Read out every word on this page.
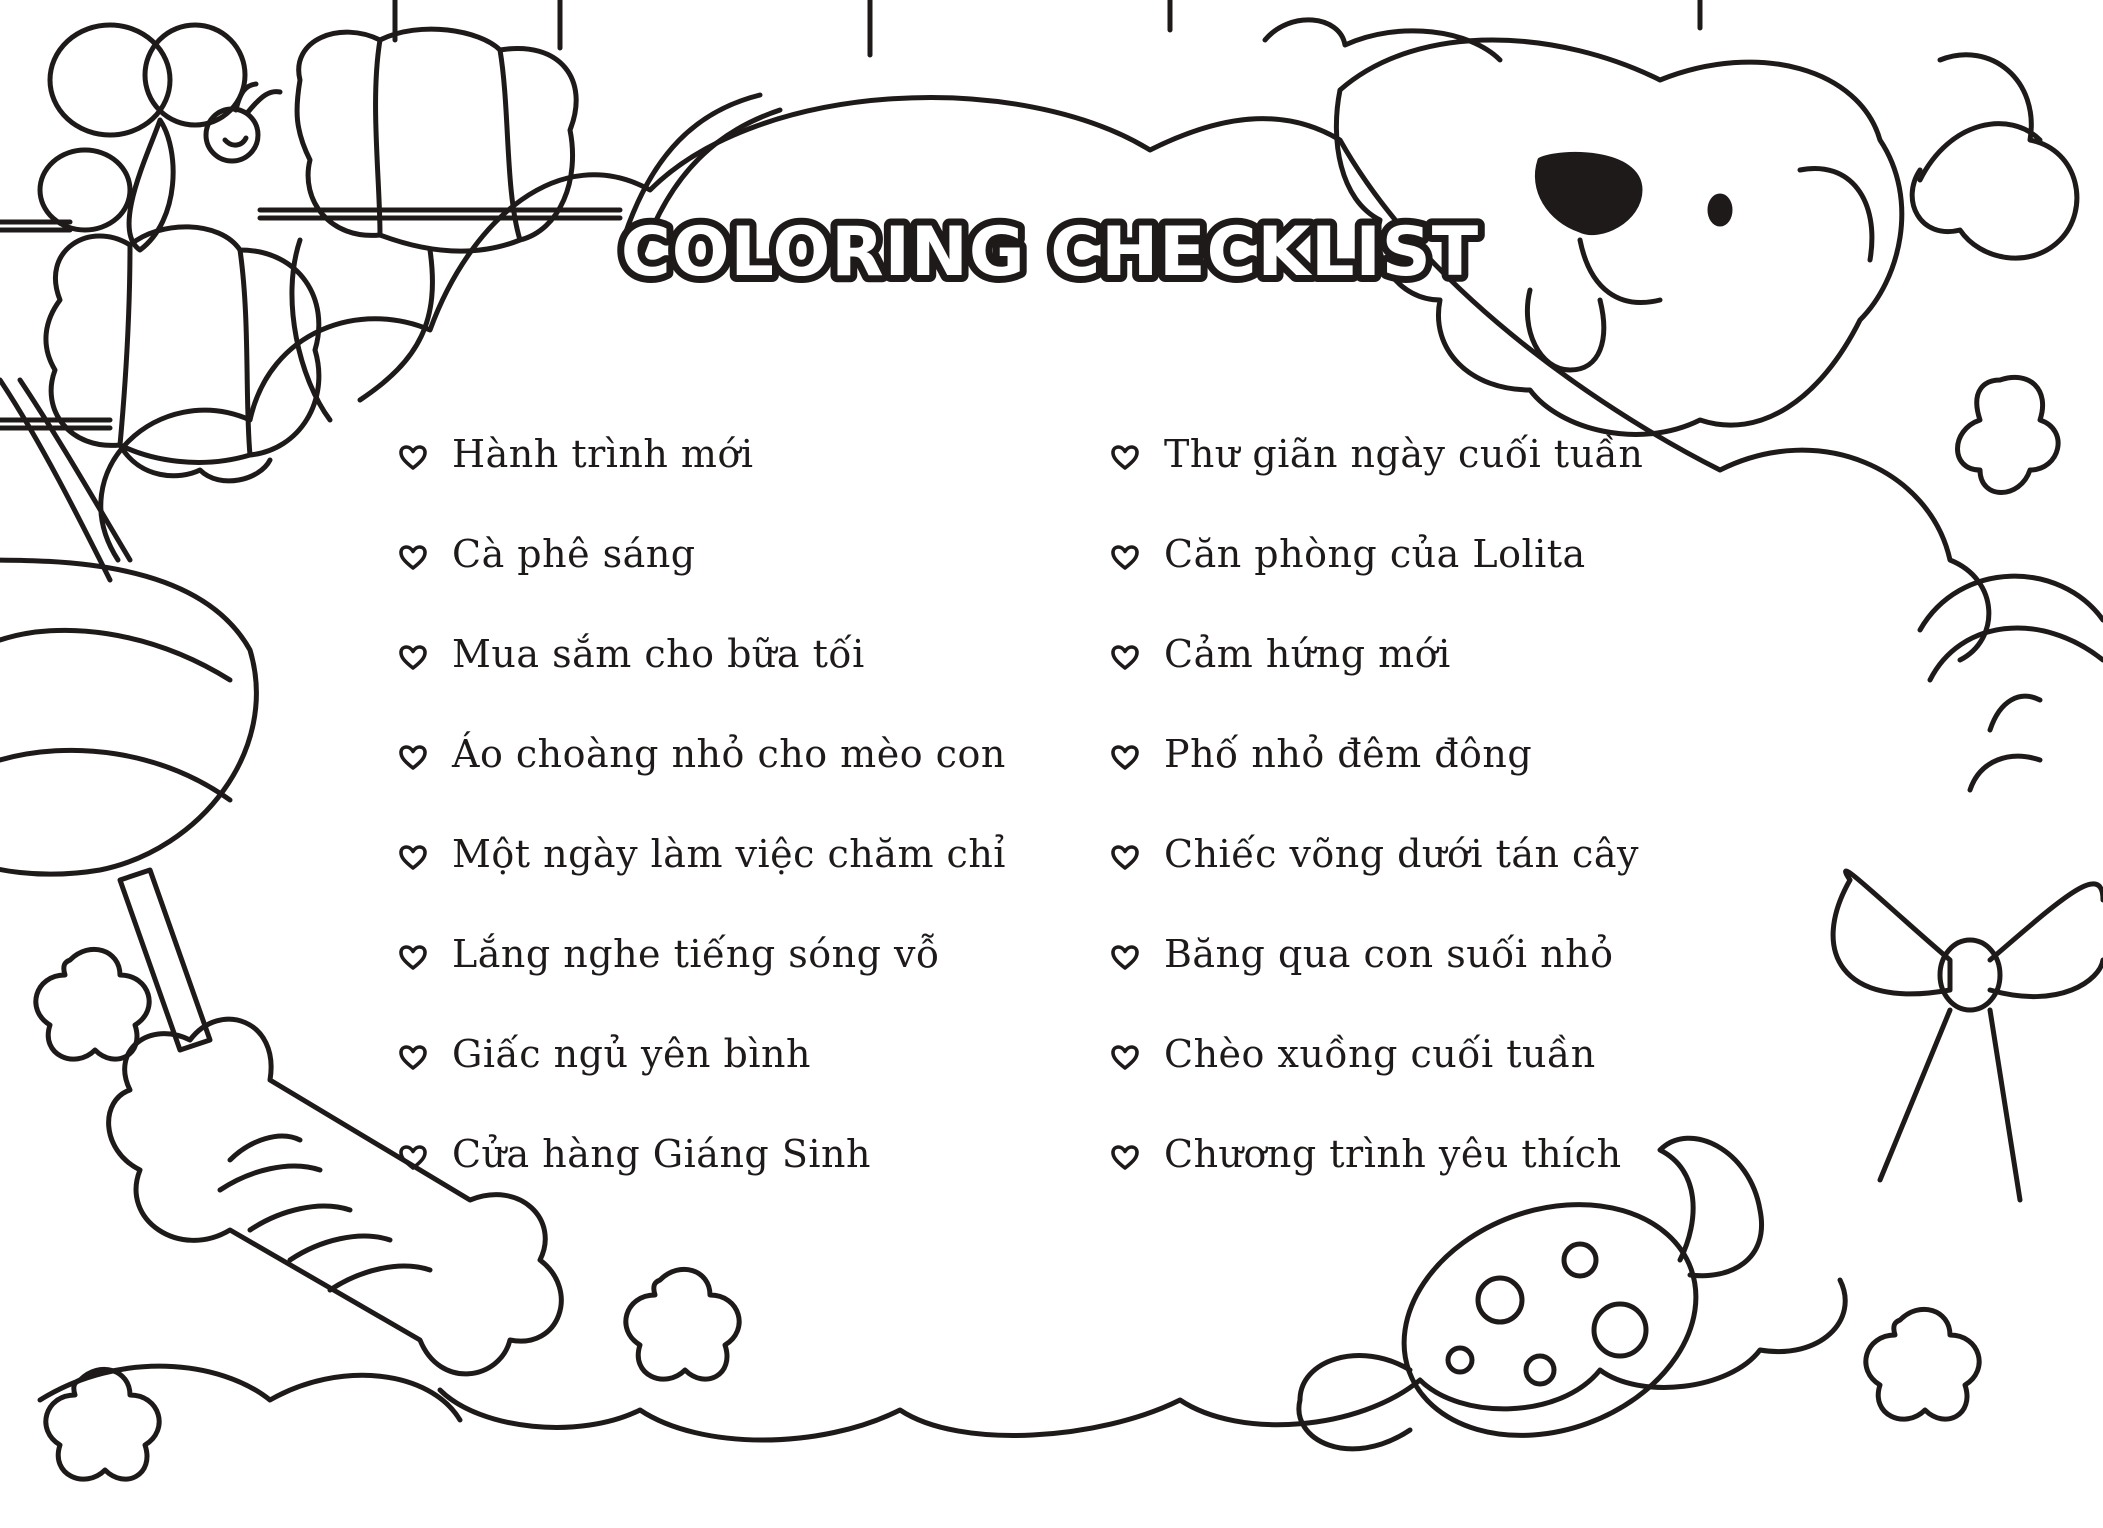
COLORING CHECKLIST
Hành trình mới
Cà phê sáng
Mua sắm cho bữa tối
Áo choàng nhỏ cho mèo con
Một ngày làm việc chăm chỉ
Lắng nghe tiếng sóng vỗ
Giấc ngủ yên bình
Cửa hàng Giáng Sinh
Thư giãn ngày cuối tuần
Căn phòng của Lolita
Cảm hứng mới
Phố nhỏ đêm đông
Chiếc võng dưới tán cây
Băng qua con suối nhỏ
Chèo xuồng cuối tuần
Chương trình yêu thích
